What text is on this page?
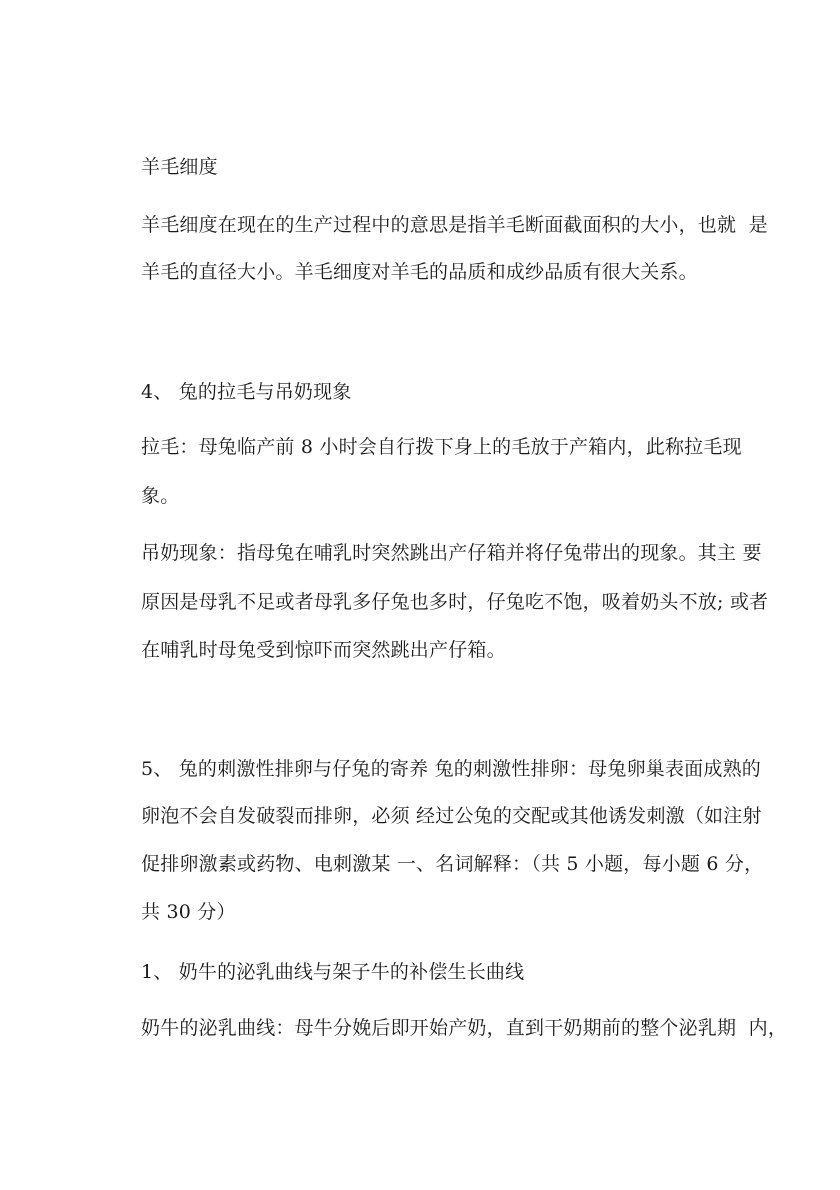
羊毛细度
羊毛细度在现在的生产过程中的意思是指羊毛断面截面积的大小，也就  是
羊毛的直径大小。羊毛细度对羊毛的品质和成纱品质有很大关系。
4、 兔的拉毛与吊奶现象
拉毛：母兔临产前 8 小时会自行拨下身上的毛放于产箱内，此称拉毛现
象。
吊奶现象：指母兔在哺乳时突然跳出产仔箱并将仔兔带出的现象。其主 要
原因是母乳不足或者母乳多仔兔也多时，仔兔吃不饱，吸着奶头不放; 或者
在哺乳时母兔受到惊吓而突然跳出产仔箱。
5、 兔的刺激性排卵与仔兔的寄养 兔的刺激性排卵：母兔卵巢表面成熟的
卵泡不会自发破裂而排卵，必须 经过公兔的交配或其他诱发刺激（如注射
促排卵激素或药物、电刺激某 一、名词解释：（共 5 小题，每小题 6 分，
共 30 分）
1、 奶牛的泌乳曲线与架子牛的补偿生长曲线
奶牛的泌乳曲线：母牛分娩后即开始产奶，直到干奶期前的整个泌乳期  内，
